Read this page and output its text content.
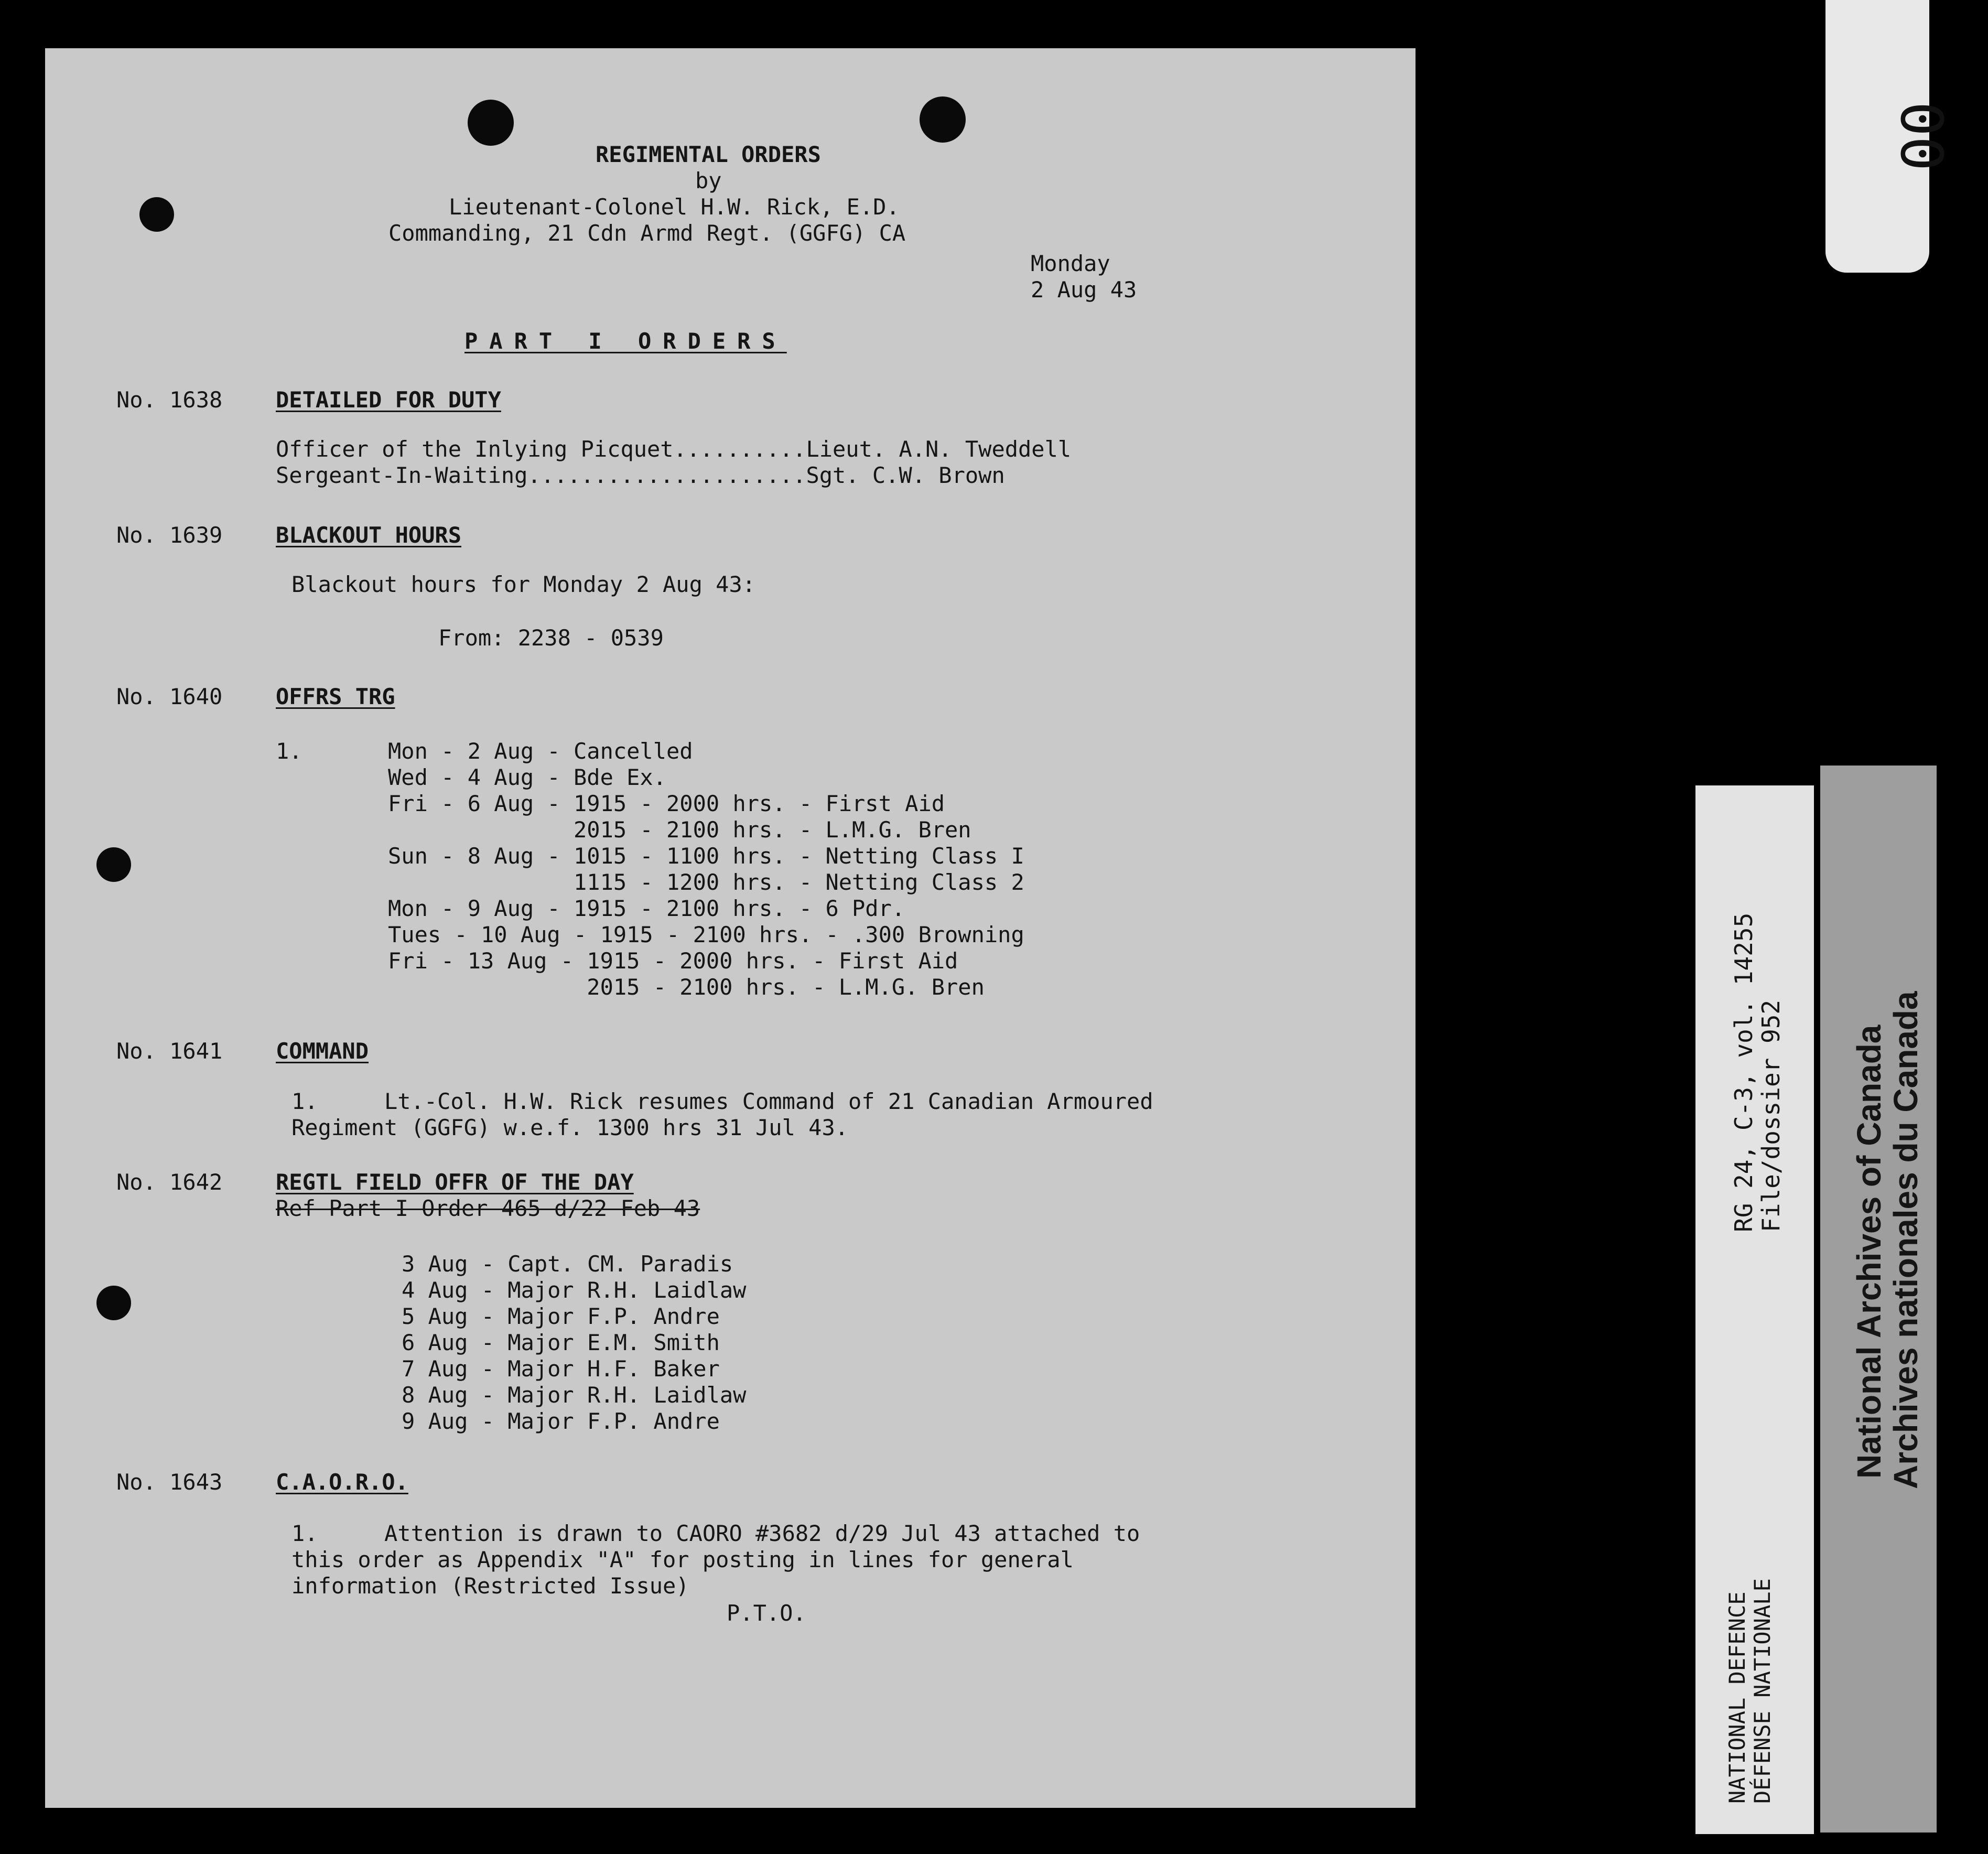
REGIMENTAL ORDERS
by
Lieutenant-Colonel H.W. Rick, E.D.
Commanding, 21 Cdn Armd Regt. (GGFG) CA
Monday
2 Aug 43
PART I ORDERS
No. 1638 DETAILED FOR DUTY
Officer of the Inlying Picquet..........Lieut. A.N. Tweddell
Sergeant-In-Waiting.....................Sgt. C.W. Brown
No. 1639 BLACKOUT HOURS
Blackout hours for Monday 2 Aug 43:
From: 2238 - 0539
No. 1640 OFFRS TRG
1.	Mon - 2 Aug - Cancelled
Wed - 4 Aug - Bde Ex.
Fri - 6 Aug - 1915 - 2000 hrs. - First Aid
2015 - 2100 hrs. - L.M.G. Bren
Sun - 8 Aug - 1015 - 1100 hrs. - Netting Class I
1115 - 1200 hrs. - Netting Class 2
Mon - 9 Aug - 1915 - 2100 hrs. - 6 Pdr.
Tues - 10 Aug - 1915 - 2100 hrs. - .300 Browning
Fri - 13 Aug - 1915 - 2000 hrs. - First Aid
2015 - 2100 hrs. - L.M.G. Bren
No. 1641 COMMAND
1.     Lt.-Col. H.W. Rick resumes Command of 21 Canadian Armoured
Regiment (GGFG) w.e.f. 1300 hrs 31 Jul 43.
No. 1642 REGTL FIELD OFFR OF THE DAY
Ref Part I Order 465 d/22 Feb 43
3 Aug - Capt. CM. Paradis
4 Aug - Major R.H. Laidlaw
5 Aug - Major F.P. Andre
6 Aug - Major E.M. Smith
7 Aug - Major H.F. Baker
8 Aug - Major R.H. Laidlaw
9 Aug - Major F.P. Andre
No. 1643 C.A.O.R.O.
1.     Attention is drawn to CAORO #3682 d/29 Jul 43 attached to
this order as Appendix "A" for posting in lines for general
information (Restricted Issue)
P.T.O.
00
RG 24, C-3, vol. 14255
File/dossier 952
NATIONAL DEFENCE DÉFENSE NATIONALE
National Archives of Canada
Archives nationales du Canada
